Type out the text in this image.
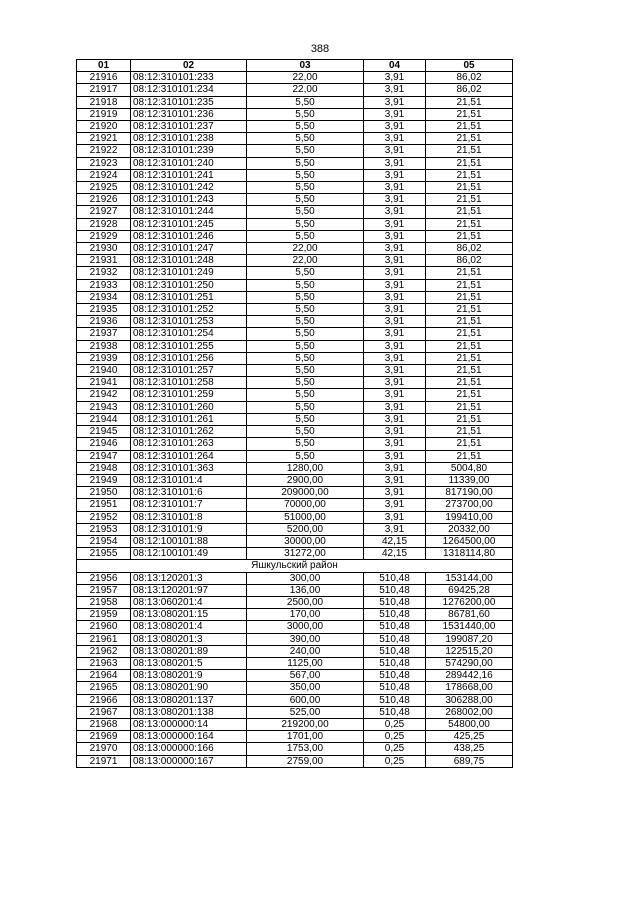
388
01	02	03	04	05
21916	08:12:310101:233	22,00	3,91	86,02
21917	08:12:310101:234	22,00	3,91	86,02
21918	08:12:310101:235	5,50	3,91	21,51
21919	08:12:310101:236	5,50	3,91	21,51
21920	08:12:310101:237	5,50	3,91	21,51
21921	08:12:310101:238	5,50	3,91	21,51
21922	08:12:310101:239	5,50	3,91	21,51
21923	08:12:310101:240	5,50	3,91	21,51
21924	08:12:310101:241	5,50	3,91	21,51
21925	08:12:310101:242	5,50	3,91	21,51
21926	08:12:310101:243	5,50	3,91	21,51
21927	08:12:310101:244	5,50	3,91	21,51
21928	08:12:310101:245	5,50	3,91	21,51
21929	08:12:310101:246	5,50	3,91	21,51
21930	08:12:310101:247	22,00	3,91	86,02
21931	08:12:310101:248	22,00	3,91	86,02
21932	08:12:310101:249	5,50	3,91	21,51
21933	08:12:310101:250	5,50	3,91	21,51
21934	08:12:310101:251	5,50	3,91	21,51
21935	08:12:310101:252	5,50	3,91	21,51
21936	08:12:310101:253	5,50	3,91	21,51
21937	08:12:310101:254	5,50	3,91	21,51
21938	08:12:310101:255	5,50	3,91	21,51
21939	08:12:310101:256	5,50	3,91	21,51
21940	08:12:310101:257	5,50	3,91	21,51
21941	08:12:310101:258	5,50	3,91	21,51
21942	08:12:310101:259	5,50	3,91	21,51
21943	08:12:310101:260	5,50	3,91	21,51
21944	08:12:310101:261	5,50	3,91	21,51
21945	08:12:310101:262	5,50	3,91	21,51
21946	08:12:310101:263	5,50	3,91	21,51
21947	08:12:310101:264	5,50	3,91	21,51
21948	08:12:310101:363	1280,00	3,91	5004,80
21949	08:12:310101:4	2900,00	3,91	11339,00
21950	08:12:310101:6	209000,00	3,91	817190,00
21951	08:12:310101:7	70000,00	3,91	273700,00
21952	08:12:310101:8	51000,00	3,91	199410,00
21953	08:12:310101:9	5200,00	3,91	20332,00
21954	08:12:100101:88	30000,00	42,15	1264500,00
21955	08:12:100101:49	31272,00	42,15	1318114,80
Яшкульский район				
21956	08:13:120201:3	300,00	510,48	153144,00
21957	08:13:120201:97	136,00	510,48	69425,28
21958	08:13:060201:4	2500,00	510,48	1276200,00
21959	08:13:080201:15	170,00	510,48	86781,60
21960	08:13:080201:4	3000,00	510,48	1531440,00
21961	08:13:080201:3	390,00	510,48	199087,20
21962	08:13:080201:89	240,00	510,48	122515,20
21963	08:13:080201:5	1125,00	510,48	574290,00
21964	08:13:080201:9	567,00	510,48	289442,16
21965	08:13:080201:90	350,00	510,48	178668,00
21966	08:13:080201:137	600,00	510,48	306288,00
21967	08:13:080201:138	525,00	510,48	268002,00
21968	08:13:000000:14	219200,00	0,25	54800,00
21969	08:13:000000:164	1701,00	0,25	425,25
21970	08:13:000000:166	1753,00	0,25	438,25
21971	08:13:000000:167	2759,00	0,25	689,75
